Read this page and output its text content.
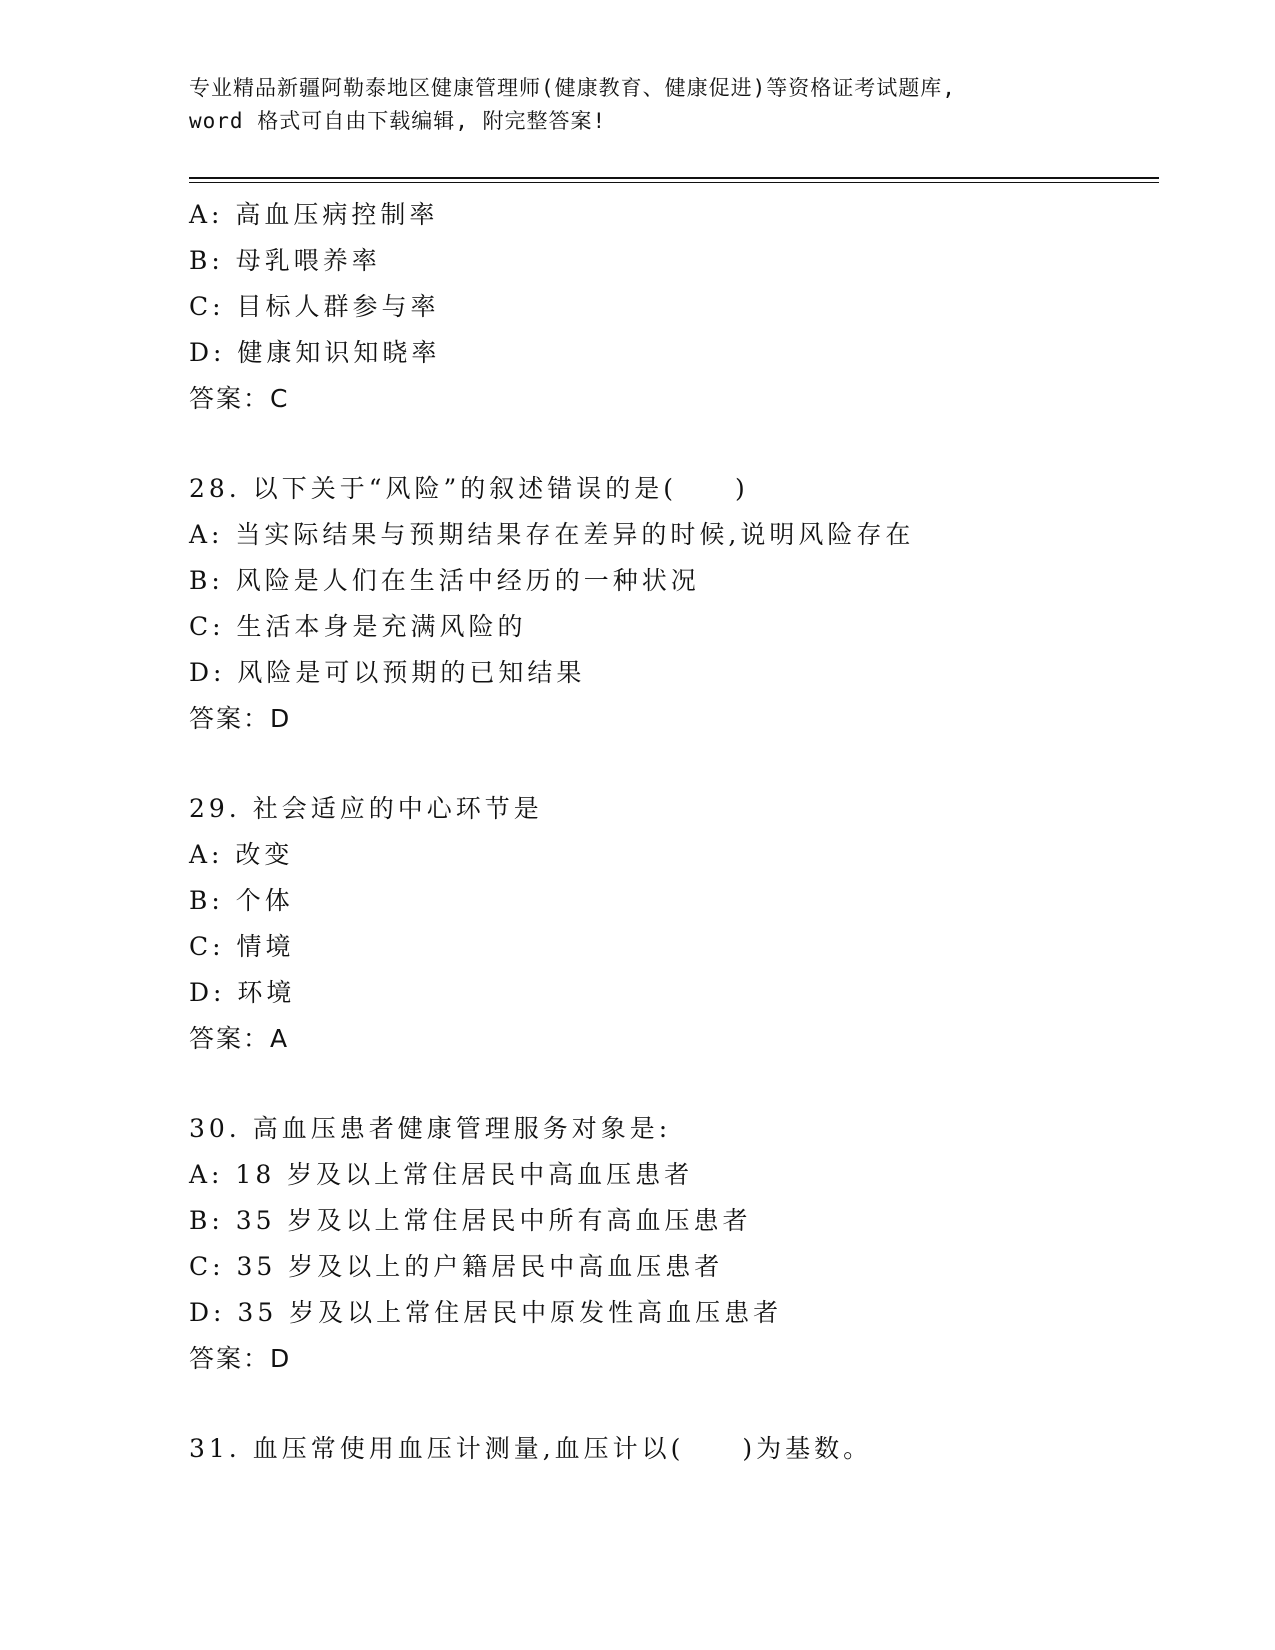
专业精品新疆阿勒泰地区健康管理师(健康教育、健康促进)等资格证考试题库,
word 格式可自由下载编辑, 附完整答案!
A: 高血压病控制率
B: 母乳喂养率
C: 目标人群参与率
D: 健康知识知晓率
答案：C
28. 以下关于“风险”的叙述错误的是(　　)
A: 当实际结果与预期结果存在差异的时候,说明风险存在
B: 风险是人们在生活中经历的一种状况
C: 生活本身是充满风险的
D: 风险是可以预期的已知结果
答案：D
29. 社会适应的中心环节是
A: 改变
B: 个体
C: 情境
D: 环境
答案：A
30. 高血压患者健康管理服务对象是:
A: 18 岁及以上常住居民中高血压患者
B: 35 岁及以上常住居民中所有高血压患者
C: 35 岁及以上的户籍居民中高血压患者
D: 35 岁及以上常住居民中原发性高血压患者
答案：D
31. 血压常使用血压计测量,血压计以(　　)为基数。
